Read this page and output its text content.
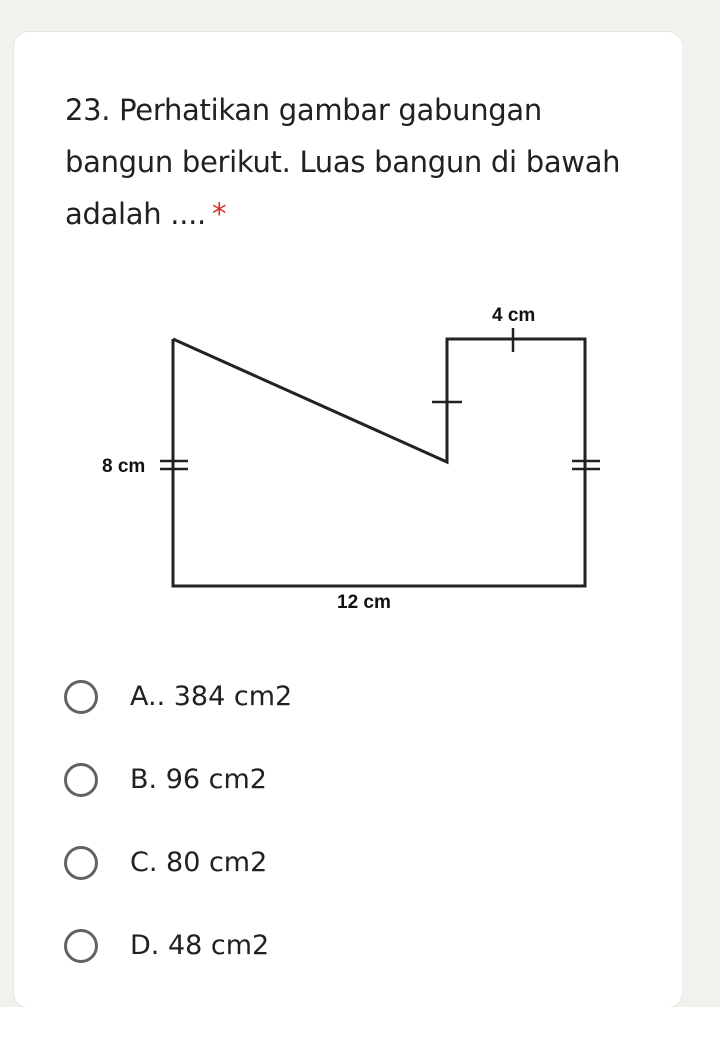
23. Perhatikan gambar gabungan bangun berikut. Luas bangun di bawah adalah .... *
4 cm
8 cm
12 cm
A.. 384 cm2
B. 96 cm2
C. 80 cm2
D. 48 cm2
